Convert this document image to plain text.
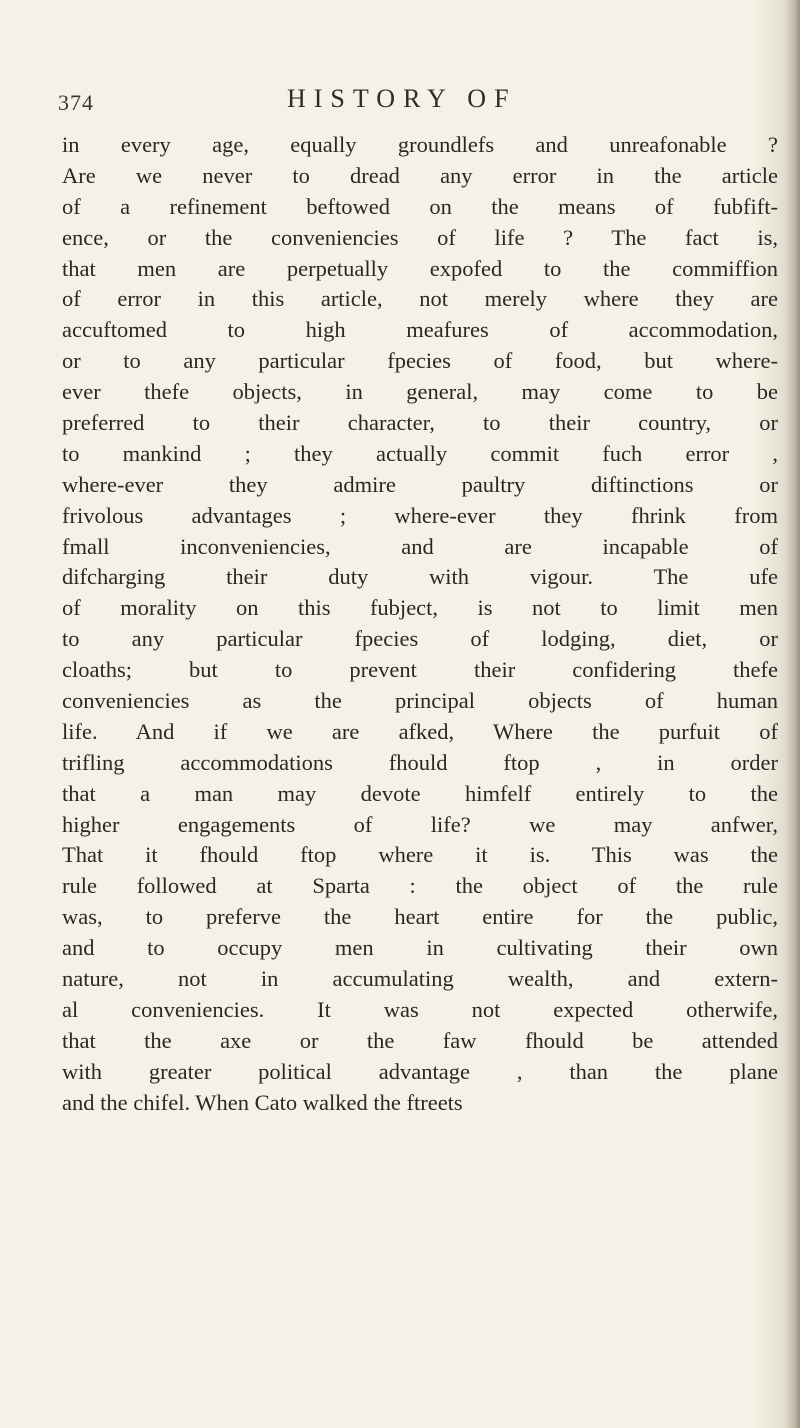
374	HISTORY OF
in every age, equally groundlefs and unreafonable ?
Are we never to dread any error in the article
of a refinement beftowed on the means of fubfift-
ence, or the conveniencies of life ? The fact is,
that men are perpetually expofed to the commiffion
of error in this article, not merely where they are
accuftomed to high meafures of accommodation,
or to any particular fpecies of food, but where-
ever thefe objects, in general, may come to be
preferred to their character, to their country, or
to mankind ; they actually commit fuch error ,
where-ever they admire paultry diftinctions or
frivolous advantages ; where-ever they fhrink from
fmall inconveniencies, and are incapable of
difcharging their duty with vigour. The ufe
of morality on this fubject, is not to limit men
to any particular fpecies of lodging, diet, or
cloaths; but to prevent their confidering thefe
conveniencies as the principal objects of human
life. And if we are afked, Where the purfuit of
trifling accommodations fhould ftop , in order
that a man may devote himfelf entirely to the
higher engagements of life? we may anfwer,
That it fhould ftop where it is. This was the
rule followed at Sparta : the object of the rule
was, to preferve the heart entire for the public,
and to occupy men in cultivating their own
nature, not in accumulating wealth, and extern-
al conveniencies. It was not expected otherwife,
that the axe or the faw fhould be attended
with greater political advantage , than the plane
and the chifel. When Cato walked the ftreets
